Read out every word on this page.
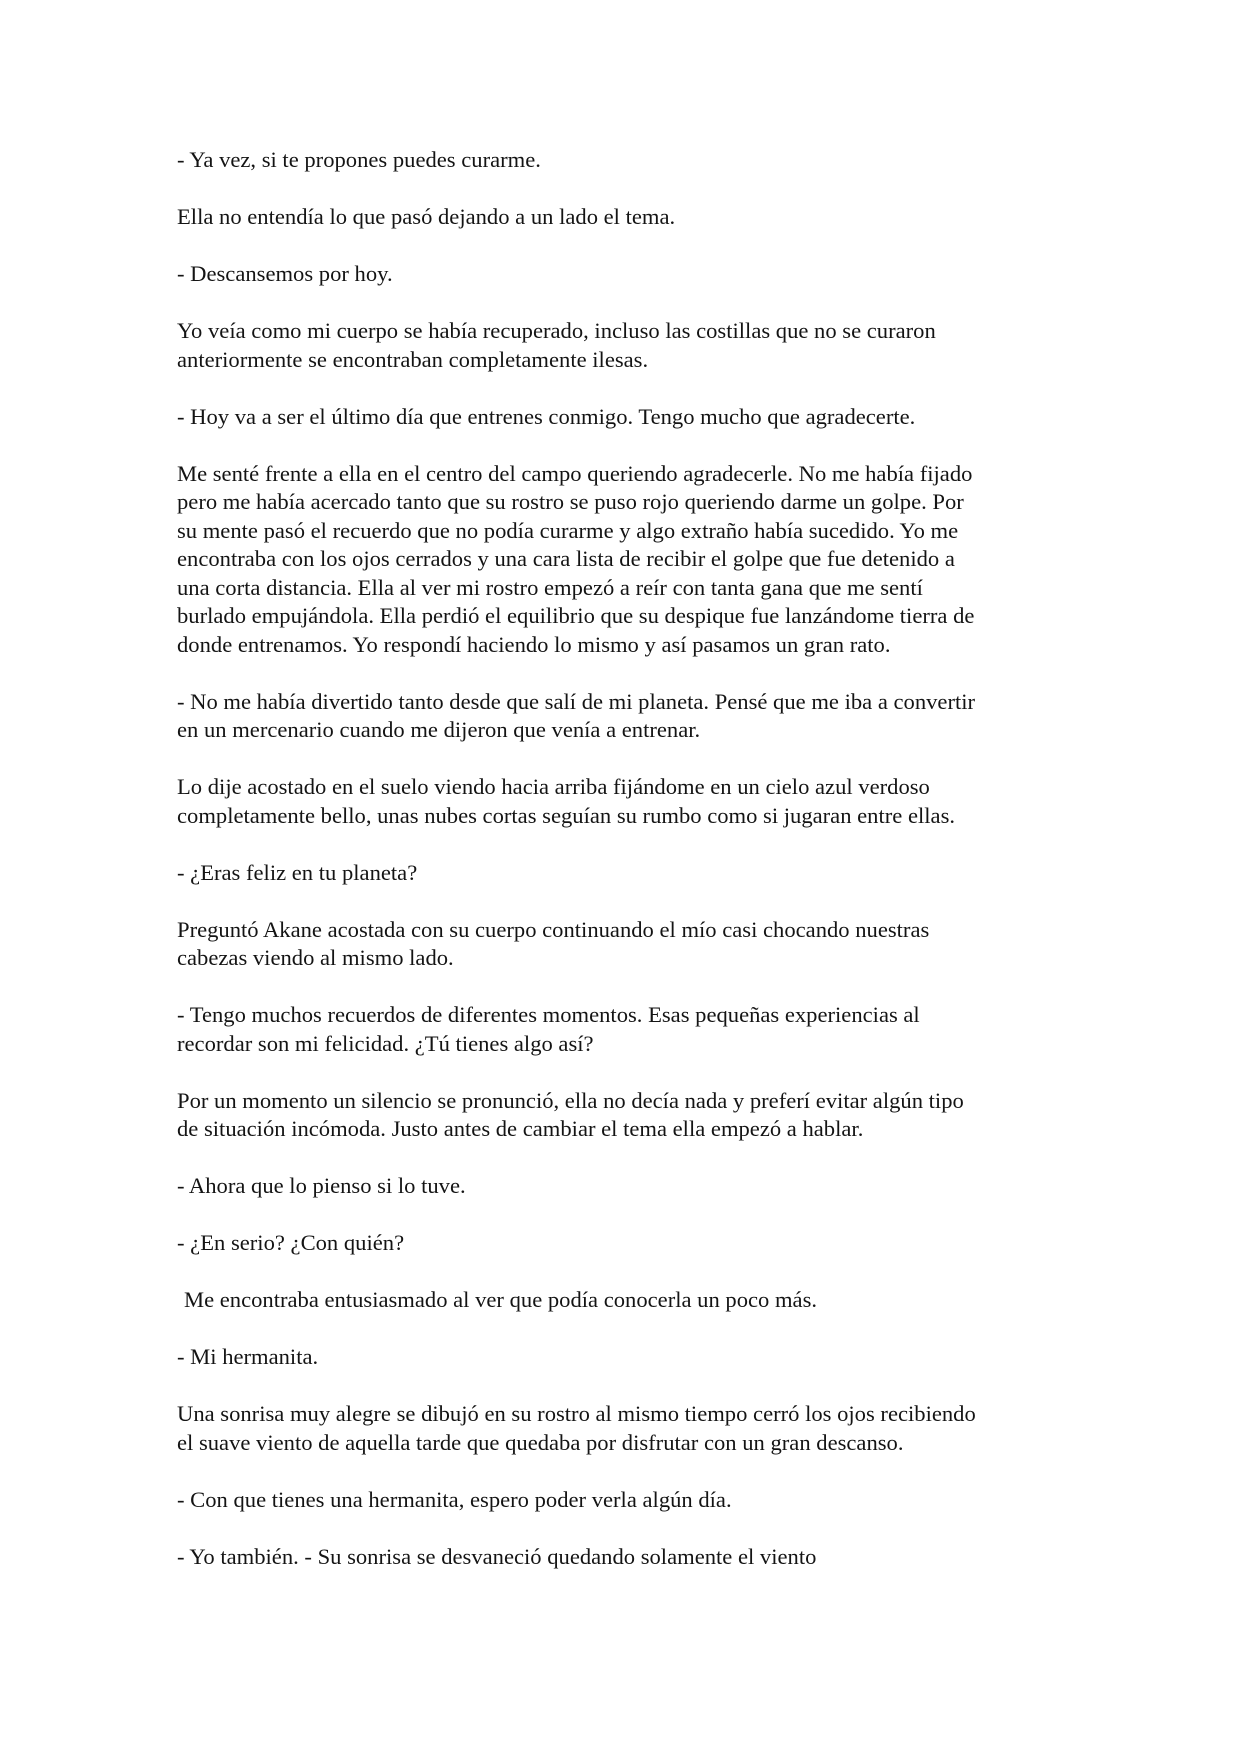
- Ya vez, si te propones puedes curarme.

Ella no entendía lo que pasó dejando a un lado el tema.

- Descansemos por hoy.

Yo veía como mi cuerpo se había recuperado, incluso las costillas que no se curaron
anteriormente se encontraban completamente ilesas.

- Hoy va a ser el último día que entrenes conmigo. Tengo mucho que agradecerte.

Me senté frente a ella en el centro del campo queriendo agradecerle. No me había fijado
pero me había acercado tanto que su rostro se puso rojo queriendo darme un golpe. Por
su mente pasó el recuerdo que no podía curarme y algo extraño había sucedido. Yo me
encontraba con los ojos cerrados y una cara lista de recibir el golpe que fue detenido a
una corta distancia. Ella al ver mi rostro empezó a reír con tanta gana que me sentí
burlado empujándola. Ella perdió el equilibrio que su despique fue lanzándome tierra de
donde entrenamos. Yo respondí haciendo lo mismo y así pasamos un gran rato.

- No me había divertido tanto desde que salí de mi planeta. Pensé que me iba a convertir
en un mercenario cuando me dijeron que venía a entrenar.

Lo dije acostado en el suelo viendo hacia arriba fijándome en un cielo azul verdoso
completamente bello, unas nubes cortas seguían su rumbo como si jugaran entre ellas.

- ¿Eras feliz en tu planeta?

Preguntó Akane acostada con su cuerpo continuando el mío casi chocando nuestras
cabezas viendo al mismo lado.

- Tengo muchos recuerdos de diferentes momentos. Esas pequeñas experiencias al
recordar son mi felicidad. ¿Tú tienes algo así?

Por un momento un silencio se pronunció, ella no decía nada y preferí evitar algún tipo
de situación incómoda. Justo antes de cambiar el tema ella empezó a hablar.

- Ahora que lo pienso si lo tuve.

- ¿En serio? ¿Con quién?

Me encontraba entusiasmado al ver que podía conocerla un poco más.

- Mi hermanita.

Una sonrisa muy alegre se dibujó en su rostro al mismo tiempo cerró los ojos recibiendo
el suave viento de aquella tarde que quedaba por disfrutar con un gran descanso.

- Con que tienes una hermanita, espero poder verla algún día.

- Yo también. - Su sonrisa se desvaneció quedando solamente el viento
